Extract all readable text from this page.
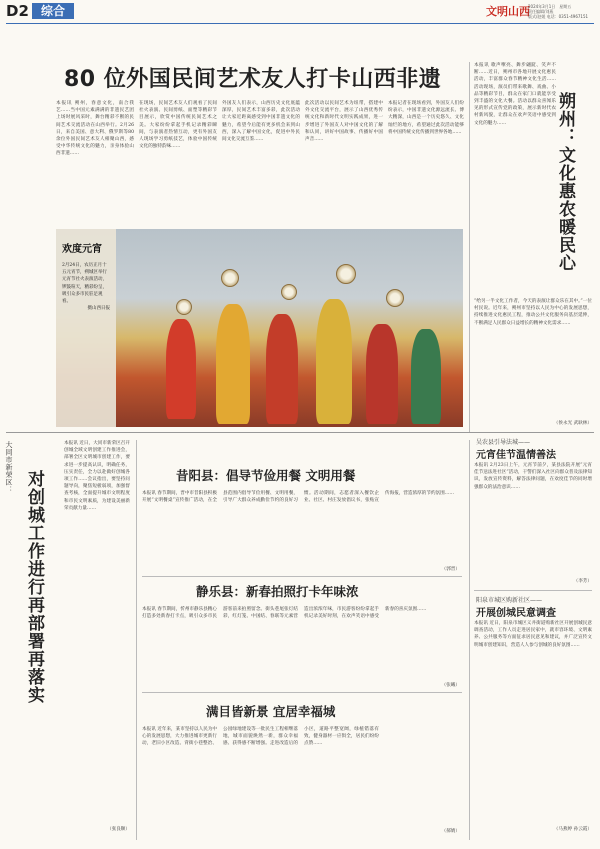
D2	综合	文明山西
2024年3月1日　星期五
责任编辑/刘燕
版式/赵媛 电话：0351-4967151
80 位外国民间艺术友人打卡山西非遗
本报讯 朔州，春意文化，南合我艺……当中国元素满满的非遗民艺团上场时展风采时，舞台精彩不断的民间艺术交流活动在山西举行。2月26日，来自美国、意大利、俄罗斯等80余位外国民间艺术友人相聚山西，感受中华传统文化的魅力，亲身体验山西非遗……
在现场，民间艺术友人们观看了民间社火表演、民间剪纸、面塑等精彩节目展示，欣赏中国传统民间艺术之美。大家纷纷拿起手机记录精彩瞬间，与表演者热情互动，更有外国友人现场学习剪纸技艺，体验中国传统文化的独特韵味……
外国友人们表示，山西历史文化底蕴深厚，民间艺术丰富多彩，此次活动让大家近距离感受到中国非遗文化的魅力，希望今后能有更多机会来到山西，深入了解中国文化，促进中外民间文化交流互鉴……
此次活动以民间艺术为纽带，搭建中外文化交流平台，展示了山西优秀传统文化和新时代文明实践成果，进一步增进了外国友人对中国文化的了解和认同，讲好中国故事、传播好中国声音……
本报记者在现场看到，外国友人们纷纷表示，中国非遗文化源远流长、博大精深，山西是一个历史悠久、文化灿烂的地方，希望通过此次活动能够将中国传统文化传播到世界各地……
欢度元宵
2月24日，农历正月十五元宵节，朔城区举行元宵节社火表演活动，锣鼓喧天，精彩纷呈，吸引众多市民驻足观看。
摄山西日报
朔州：文化惠农暖民心
本报讯 歌声嘹亮、舞步翩跹、笑声不断……近日，朔州市各地开展文化惠民活动，丰富群众春节精神文化生活……活动现场，演员们带来歌舞、戏曲、小品等精彩节目，群众在家门口就能享受到丰盛的文化大餐。活动以群众喜闻乐见的形式宣传党的政策，展示新时代农村新风貌，让群众在欢声笑语中感受到文化的魅力……
“给另一半文化工作者，今天的表演让群众乐在其中。”一位村民说。近年来，朔州市坚持以人民为中心的发展思想，持续推进文化惠民工程，推动公共文化服务向基层延伸，不断满足人民群众日益增长的精神文化需求……
（侯永光 武耿林）
大同市新荣区：
对创城工作进行再部署再落实
本报讯 近日，大同市新荣区召开创城全域文明创建工作推进会，部署全区文明城市创建工作，要求进一步提高认识，明确任务，压实责任，全力以赴做好创城各项工作……会议指出，要坚持问题导向，聚焦短板弱项，加强督查考核，全面提升城市文明程度和市民文明素质，为建设美丽新荣贡献力量……
（张良顺）
昔阳县：倡导节俭用餐 文明用餐
本报讯 春节期间，晋中市昔阳县积极开展“文明餐桌”宣传推广活动，在全县范围内倡导节俭用餐、文明用餐，引导广大群众养成勤俭节约的良好习惯。活动期间，志愿者深入餐饮企业、社区、村庄发放倡议书，张贴宣传海报，营造浓厚的节约氛围……
（郭晋）
静乐县：新春拍照打卡年味浓
本报讯 春节期间，忻州市静乐县精心打造多处新春打卡点，吸引众多市民游客前来拍照留念。街头巷尾张灯结彩，红灯笼、中国结、春联等元素营造出浓浓年味，市民游客纷纷拿起手机记录美好时刻，在欢声笑语中感受新春的喜庆氛围……
（张曦）
满目皆新景 宜居幸福城
本报讯 近年来，某市坚持以人民为中心的发展思想，大力推进城市更新行动，老旧小区改造、背街小巷整治、公园绿地建设等一批民生工程相继落地，城市面貌焕然一新，群众幸福感、获得感不断增强。走进改造后的小区，道路平整宽阔，绿植错落有致，健身器材一应俱全，居民们纷纷点赞……
（郝婧）
吴农县引导法城——
元宵佳节温情善法
本报讯 2月23日上午，元宵节前夕，某县法院开展“元宵佳节送法进社区”活动，干警们深入社区向群众普及法律知识，发放宣传资料，解答法律问题，在欢度佳节的同时增强群众的法治意识……
（李芳）
阳泉市城区购新社区——
开展创城民意调查
本报讯 近日，阳泉市城区义井街道购新社区开展创城民意调查活动，工作人员走进居民家中，就市容环境、文明素养、公共服务等方面征求居民意见和建议，并广泛宣传文明城市创建知识，营造人人参与创城的良好氛围……
（马燕婷 孙云霞）
